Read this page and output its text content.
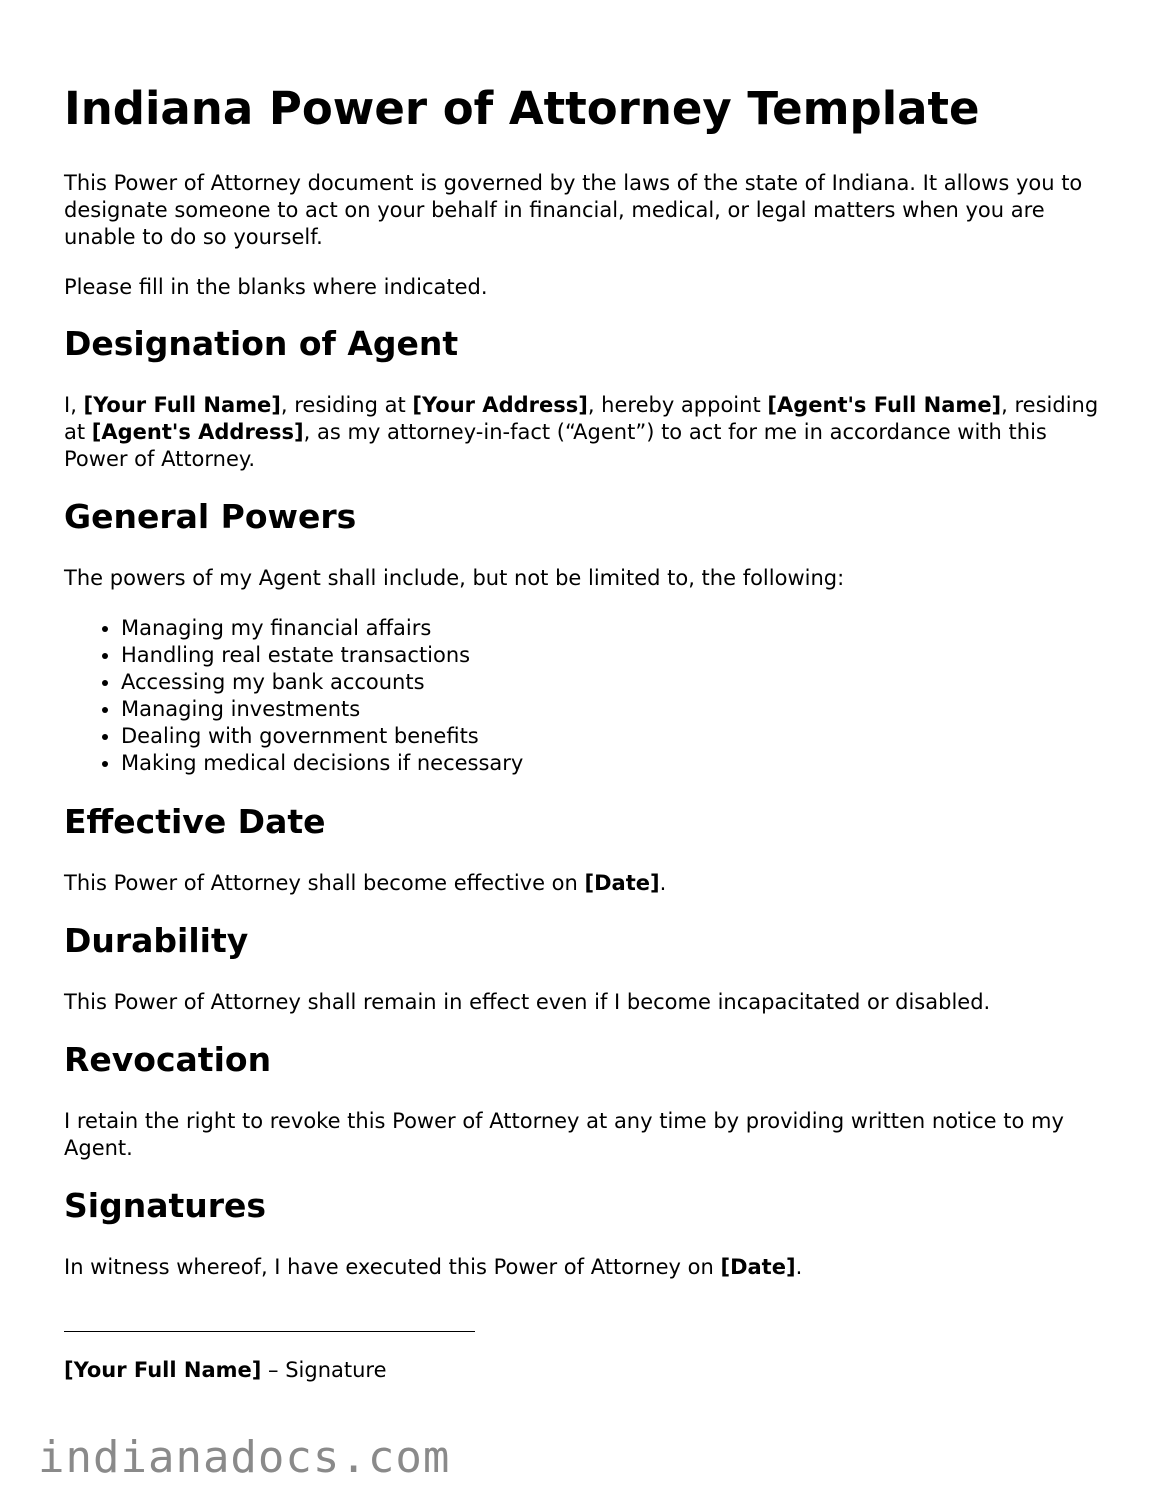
Indiana Power of Attorney Template

This Power of Attorney document is governed by the laws of the state of Indiana. It allows you to designate someone to act on your behalf in financial, medical, or legal matters when you are unable to do so yourself.

Please fill in the blanks where indicated.

Designation of Agent

I, [Your Full Name], residing at [Your Address], hereby appoint [Agent's Full Name], residing at [Agent's Address], as my attorney-in-fact (“Agent”) to act for me in accordance with this Power of Attorney.

General Powers

The powers of my Agent shall include, but not be limited to, the following:

• Managing my financial affairs
• Handling real estate transactions
• Accessing my bank accounts
• Managing investments
• Dealing with government benefits
• Making medical decisions if necessary
Effective Date

This Power of Attorney shall become effective on [Date].

Durability

This Power of Attorney shall remain in effect even if I become incapacitated or disabled.

Revocation

I retain the right to revoke this Power of Attorney at any time by providing written notice to my Agent.

Signatures

In witness whereof, I have executed this Power of Attorney on [Date].

[Your Full Name] – Signature

indianadocs.com
